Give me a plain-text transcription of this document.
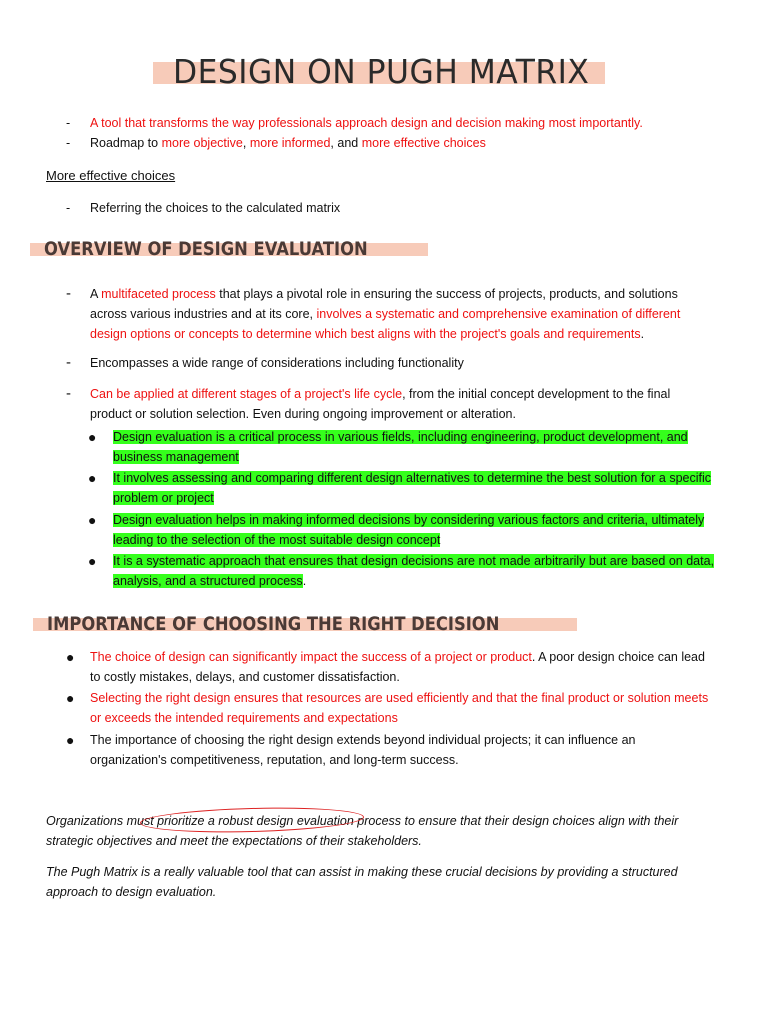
DESIGN ON PUGH MATRIX
- A tool that transforms the way professionals approach design and decision making most importantly.
- Roadmap to more objective, more informed, and more effective choices
More effective choices
- Referring the choices to the calculated matrix
OVERVIEW OF DESIGN EVALUATION
- A multifaceted process that plays a pivotal role in ensuring the success of projects, products, and solutions across various industries and at its core, involves a systematic and comprehensive examination of different design options or concepts to determine which best aligns with the project's goals and requirements.
- Encompasses a wide range of considerations including functionality
- Can be applied at different stages of a project's life cycle, from the initial concept development to the final product or solution selection. Even during ongoing improvement or alteration.
● Design evaluation is a critical process in various fields, including engineering, product development, and business management
● It involves assessing and comparing different design alternatives to determine the best solution for a specific problem or project
● Design evaluation helps in making informed decisions by considering various factors and criteria, ultimately leading to the selection of the most suitable design concept
● It is a systematic approach that ensures that design decisions are not made arbitrarily but are based on data, analysis, and a structured process.
IMPORTANCE OF CHOOSING THE RIGHT DECISION
● The choice of design can significantly impact the success of a project or product. A poor design choice can lead to costly mistakes, delays, and customer dissatisfaction.
● Selecting the right design ensures that resources are used efficiently and that the final product or solution meets or exceeds the intended requirements and expectations
● The importance of choosing the right design extends beyond individual projects; it can influence an organization's competitiveness, reputation, and long-term success.
Organizations must prioritize a robust design evaluation process to ensure that their design choices align with their strategic objectives and meet the expectations of their stakeholders.
The Pugh Matrix is a really valuable tool that can assist in making these crucial decisions by providing a structured approach to design evaluation.
